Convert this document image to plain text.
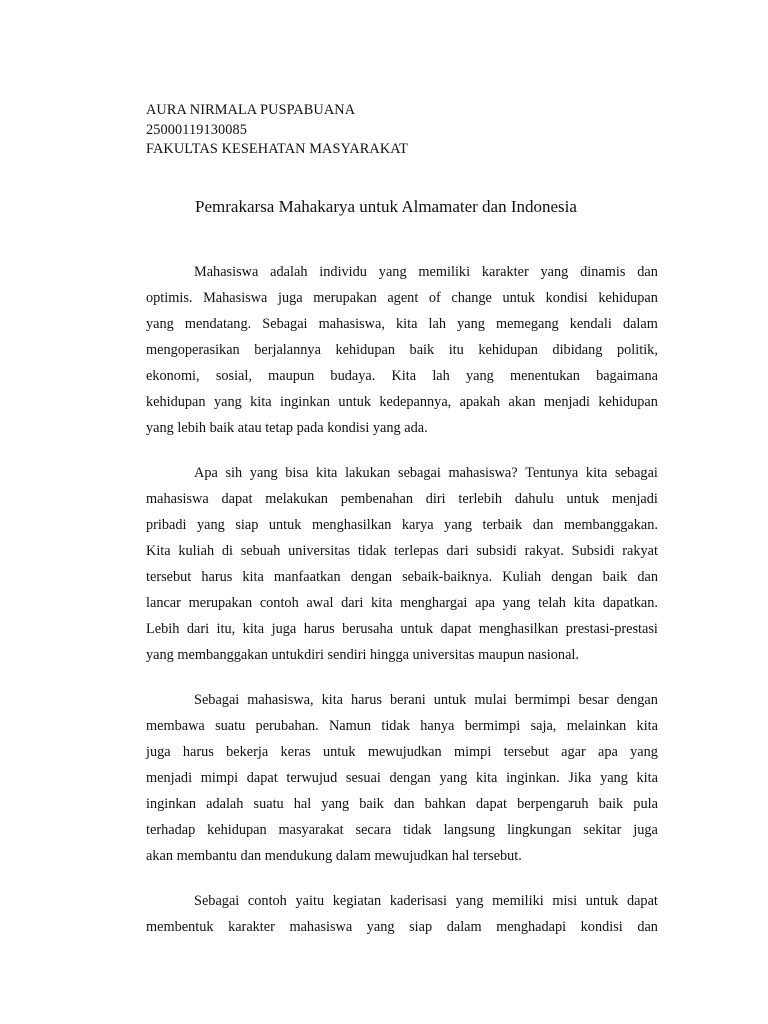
AURA NIRMALA PUSPABUANA
25000119130085
FAKULTAS KESEHATAN MASYARAKAT
Pemrakarsa Mahakarya untuk Almamater dan Indonesia
Mahasiswa adalah individu yang memiliki karakter yang dinamis dan
optimis. Mahasiswa juga merupakan agent of change untuk kondisi kehidupan
yang mendatang. Sebagai mahasiswa, kita lah yang memegang kendali dalam
mengoperasikan berjalannya kehidupan baik itu kehidupan dibidang politik,
ekonomi, sosial, maupun budaya. Kita lah yang menentukan bagaimana
kehidupan yang kita inginkan untuk kedepannya, apakah akan menjadi kehidupan
yang lebih baik atau tetap pada kondisi yang ada.
Apa sih yang bisa kita lakukan sebagai mahasiswa? Tentunya kita sebagai
mahasiswa dapat melakukan pembenahan diri terlebih dahulu untuk menjadi
pribadi yang siap untuk menghasilkan karya yang terbaik dan membanggakan.
Kita kuliah di sebuah universitas tidak terlepas dari subsidi rakyat. Subsidi rakyat
tersebut harus kita manfaatkan dengan sebaik-baiknya. Kuliah dengan baik dan
lancar merupakan contoh awal dari kita menghargai apa yang telah kita dapatkan.
Lebih dari itu, kita juga harus berusaha untuk dapat menghasilkan prestasi-prestasi
yang membanggakan untukdiri sendiri hingga universitas maupun nasional.
Sebagai mahasiswa, kita harus berani untuk mulai bermimpi besar dengan
membawa suatu perubahan. Namun tidak hanya bermimpi saja, melainkan kita
juga harus bekerja keras untuk mewujudkan mimpi tersebut agar apa yang
menjadi mimpi dapat terwujud sesuai dengan yang kita inginkan. Jika yang kita
inginkan adalah suatu hal yang baik dan bahkan dapat berpengaruh baik pula
terhadap kehidupan masyarakat secara tidak langsung lingkungan sekitar juga
akan membantu dan mendukung dalam mewujudkan hal tersebut.
Sebagai contoh yaitu kegiatan kaderisasi yang memiliki misi untuk dapat
membentuk karakter mahasiswa yang siap dalam menghadapi kondisi dan
